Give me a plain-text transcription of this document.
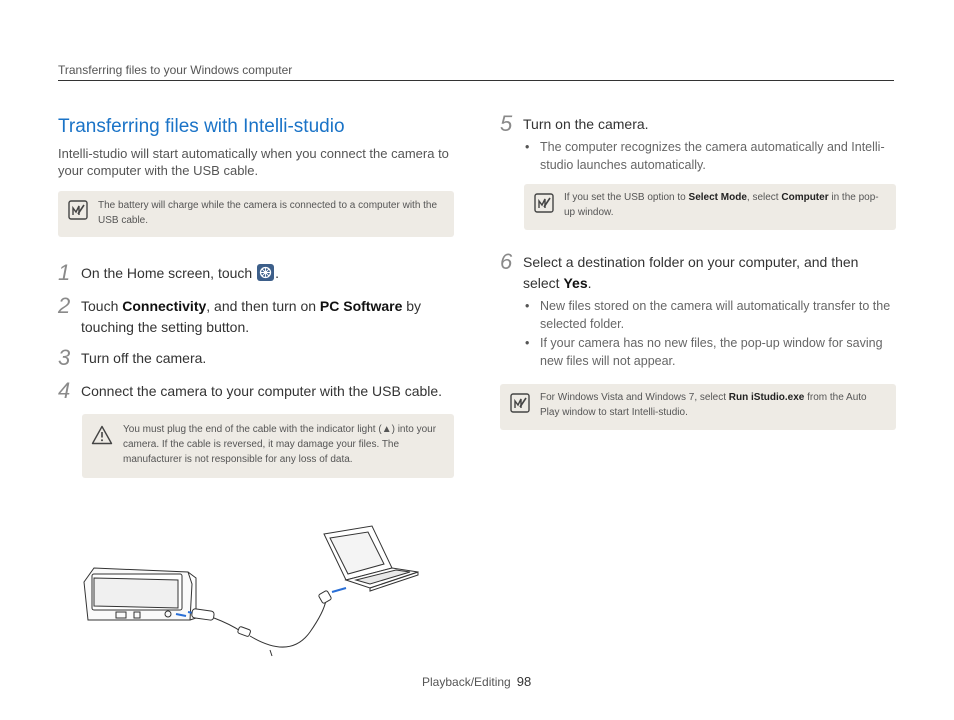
Transferring files to your Windows computer
Transferring files with Intelli-studio

Intelli-studio will start automatically when you connect the camera to your computer with the USB cable.

The battery will charge while the camera is connected to a computer with the USB cable.

1 On the Home screen, touch .

2 Touch Connectivity, and then turn on PC Software by touching the setting button.

3 Turn off the camera.

4 Connect the camera to your computer with the USB cable.

You must plug the end of the cable with the indicator light (▲) into your camera. If the cable is reversed, it may damage your files. The manufacturer is not responsible for any loss of data.

5 Turn on the camera.

• The computer recognizes the camera automatically and Intelli-studio launches automatically.
If you set the USB option to Select Mode, select Computer in the pop-up window.

6 Select a destination folder on your computer, and then select Yes.

• New files stored on the camera will automatically transfer to the selected folder.
• If your camera has no new files, the pop-up window for saving new files will not appear.
For Windows Vista and Windows 7, select Run iStudio.exe from the Auto Play window to start Intelli-studio.
Playback/Editing 98
